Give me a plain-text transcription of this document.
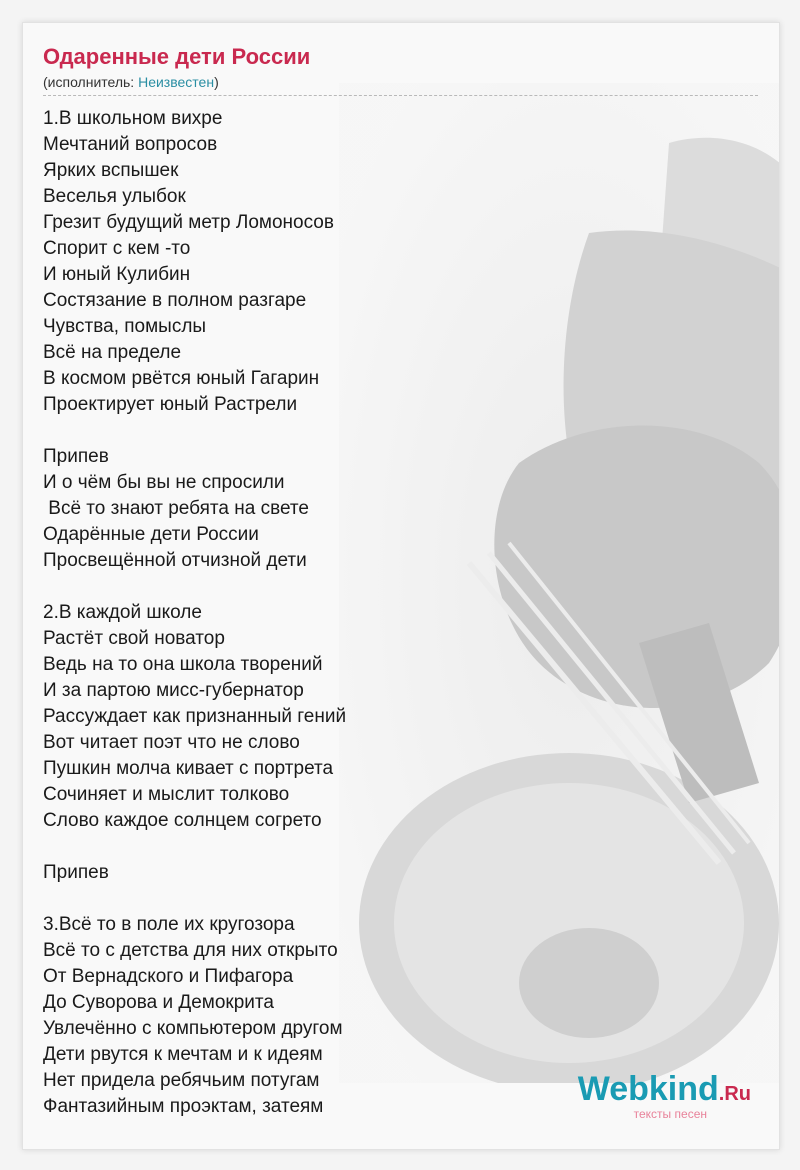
Одаренные дети России
(исполнитель: Неизвестен)
1.В школьном вихре
Мечтаний вопросов
Ярких вспышек
Веселья улыбок
Грезит будущий метр Ломоносов
Спорит с кем -то
И юный Кулибин
Состязание в полном разгаре
Чувства, помыслы
Всё на пределе
В космом рвётся юный Гагарин
Проектирует юный Растрели
Припев
И о чём бы вы не спросили
Всё то знают ребята на свете
Одарённые дети России
Просвещённой отчизной дети
2.В каждой школе
Растёт свой новатор
Ведь на то она школа творений
И за партою мисс-губернатор
Рассуждает как признанный гений
Вот читает поэт что не слово
Пушкин молча кивает с портрета
Сочиняет и мыслит толково
Слово каждое солнцем согрето
Припев
3.Всё то в поле их кругозора
Всё то с детства для них открыто
От Вернадского и Пифагора
До Суворова и Демокрита
Увлечённо с компьютером другом
Дети рвутся к мечтам и к идеям
Нет придела ребячьим потугам
Фантазийным проэктам, затеям	Webkind.Ru
тексты песен
